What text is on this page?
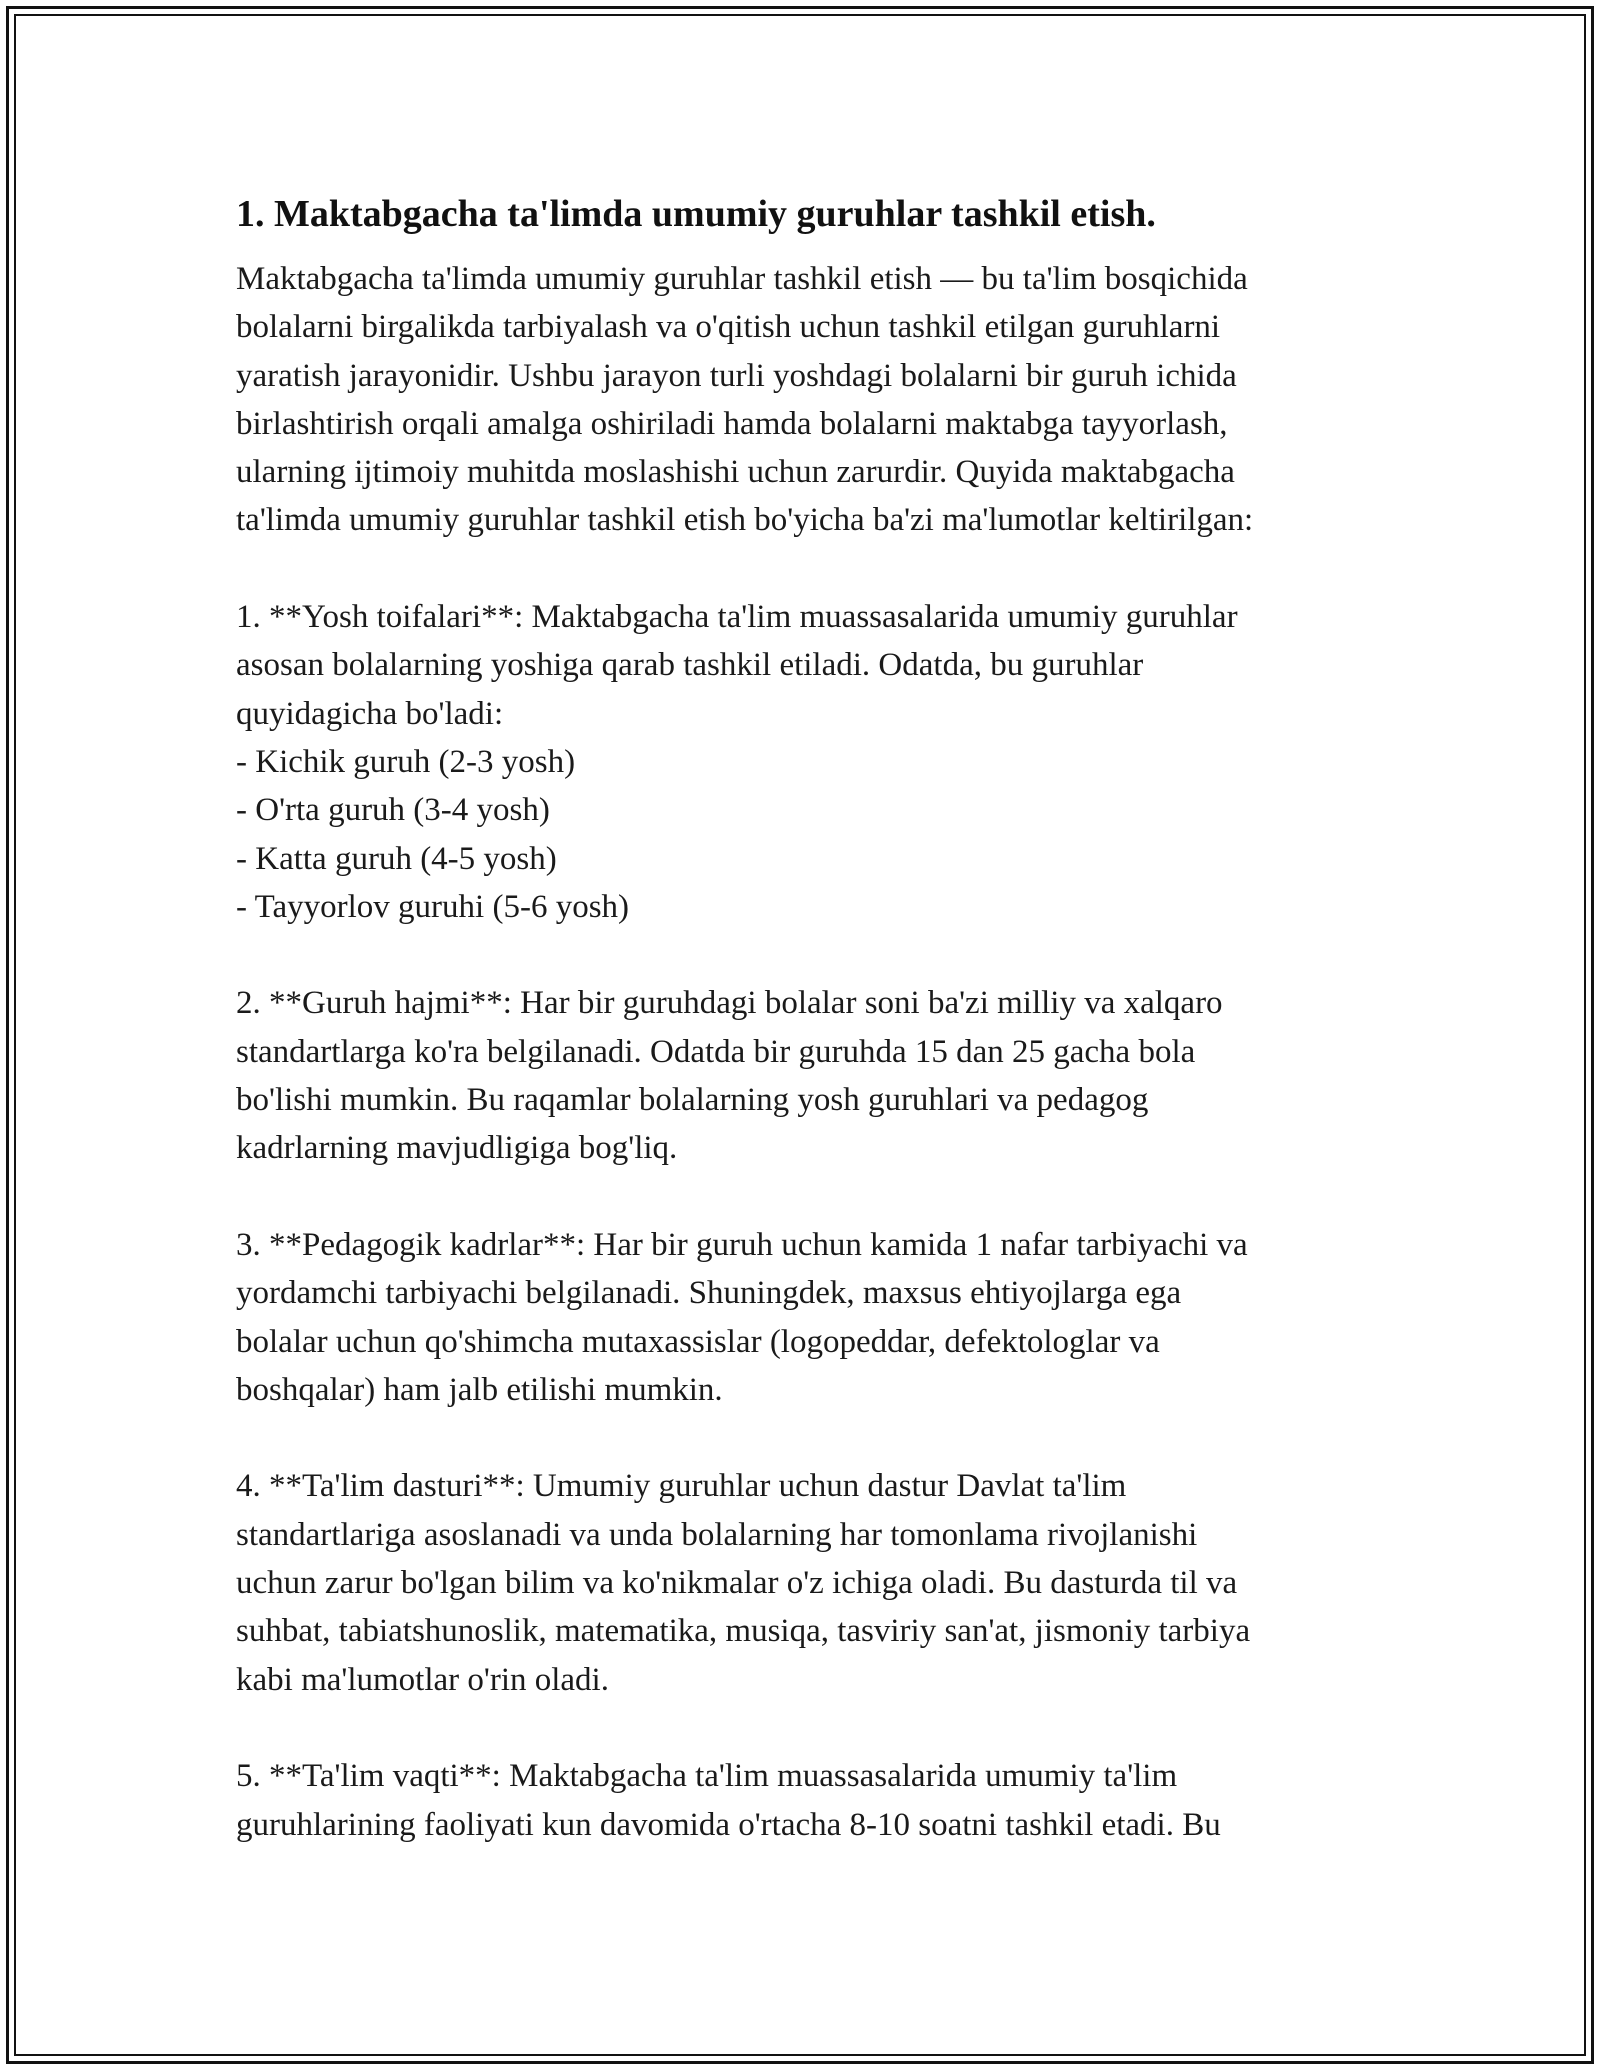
1. Maktabgacha ta'limda umumiy guruhlar tashkil etish.

Maktabgacha ta'limda umumiy guruhlar tashkil etish — bu ta'lim bosqichida
bolalarni birgalikda tarbiyalash va o'qitish uchun tashkil etilgan guruhlarni
yaratish jarayonidir. Ushbu jarayon turli yoshdagi bolalarni bir guruh ichida
birlashtirish orqali amalga oshiriladi hamda bolalarni maktabga tayyorlash,
ularning ijtimoiy muhitda moslashishi uchun zarurdir. Quyida maktabgacha
ta'limda umumiy guruhlar tashkil etish bo'yicha ba'zi ma'lumotlar keltirilgan:

1. **Yosh toifalari**: Maktabgacha ta'lim muassasalarida umumiy guruhlar
asosan bolalarning yoshiga qarab tashkil etiladi. Odatda, bu guruhlar
quyidagicha bo'ladi:
- Kichik guruh (2-3 yosh)
- O'rta guruh (3-4 yosh)
- Katta guruh (4-5 yosh)
- Tayyorlov guruhi (5-6 yosh)

2. **Guruh hajmi**: Har bir guruhdagi bolalar soni ba'zi milliy va xalqaro
standartlarga ko'ra belgilanadi. Odatda bir guruhda 15 dan 25 gacha bola
bo'lishi mumkin. Bu raqamlar bolalarning yosh guruhlari va pedagog
kadrlarning mavjudligiga bog'liq.

3. **Pedagogik kadrlar**: Har bir guruh uchun kamida 1 nafar tarbiyachi va
yordamchi tarbiyachi belgilanadi. Shuningdek, maxsus ehtiyojlarga ega
bolalar uchun qo'shimcha mutaxassislar (logopeddar, defektologlar va
boshqalar) ham jalb etilishi mumkin.

4. **Ta'lim dasturi**: Umumiy guruhlar uchun dastur Davlat ta'lim
standartlariga asoslanadi va unda bolalarning har tomonlama rivojlanishi
uchun zarur bo'lgan bilim va ko'nikmalar o'z ichiga oladi. Bu dasturda til va
suhbat, tabiatshunoslik, matematika, musiqa, tasviriy san'at, jismoniy tarbiya
kabi ma'lumotlar o'rin oladi.

5. **Ta'lim vaqti**: Maktabgacha ta'lim muassasalarida umumiy ta'lim
guruhlarining faoliyati kun davomida o'rtacha 8-10 soatni tashkil etadi. Bu
